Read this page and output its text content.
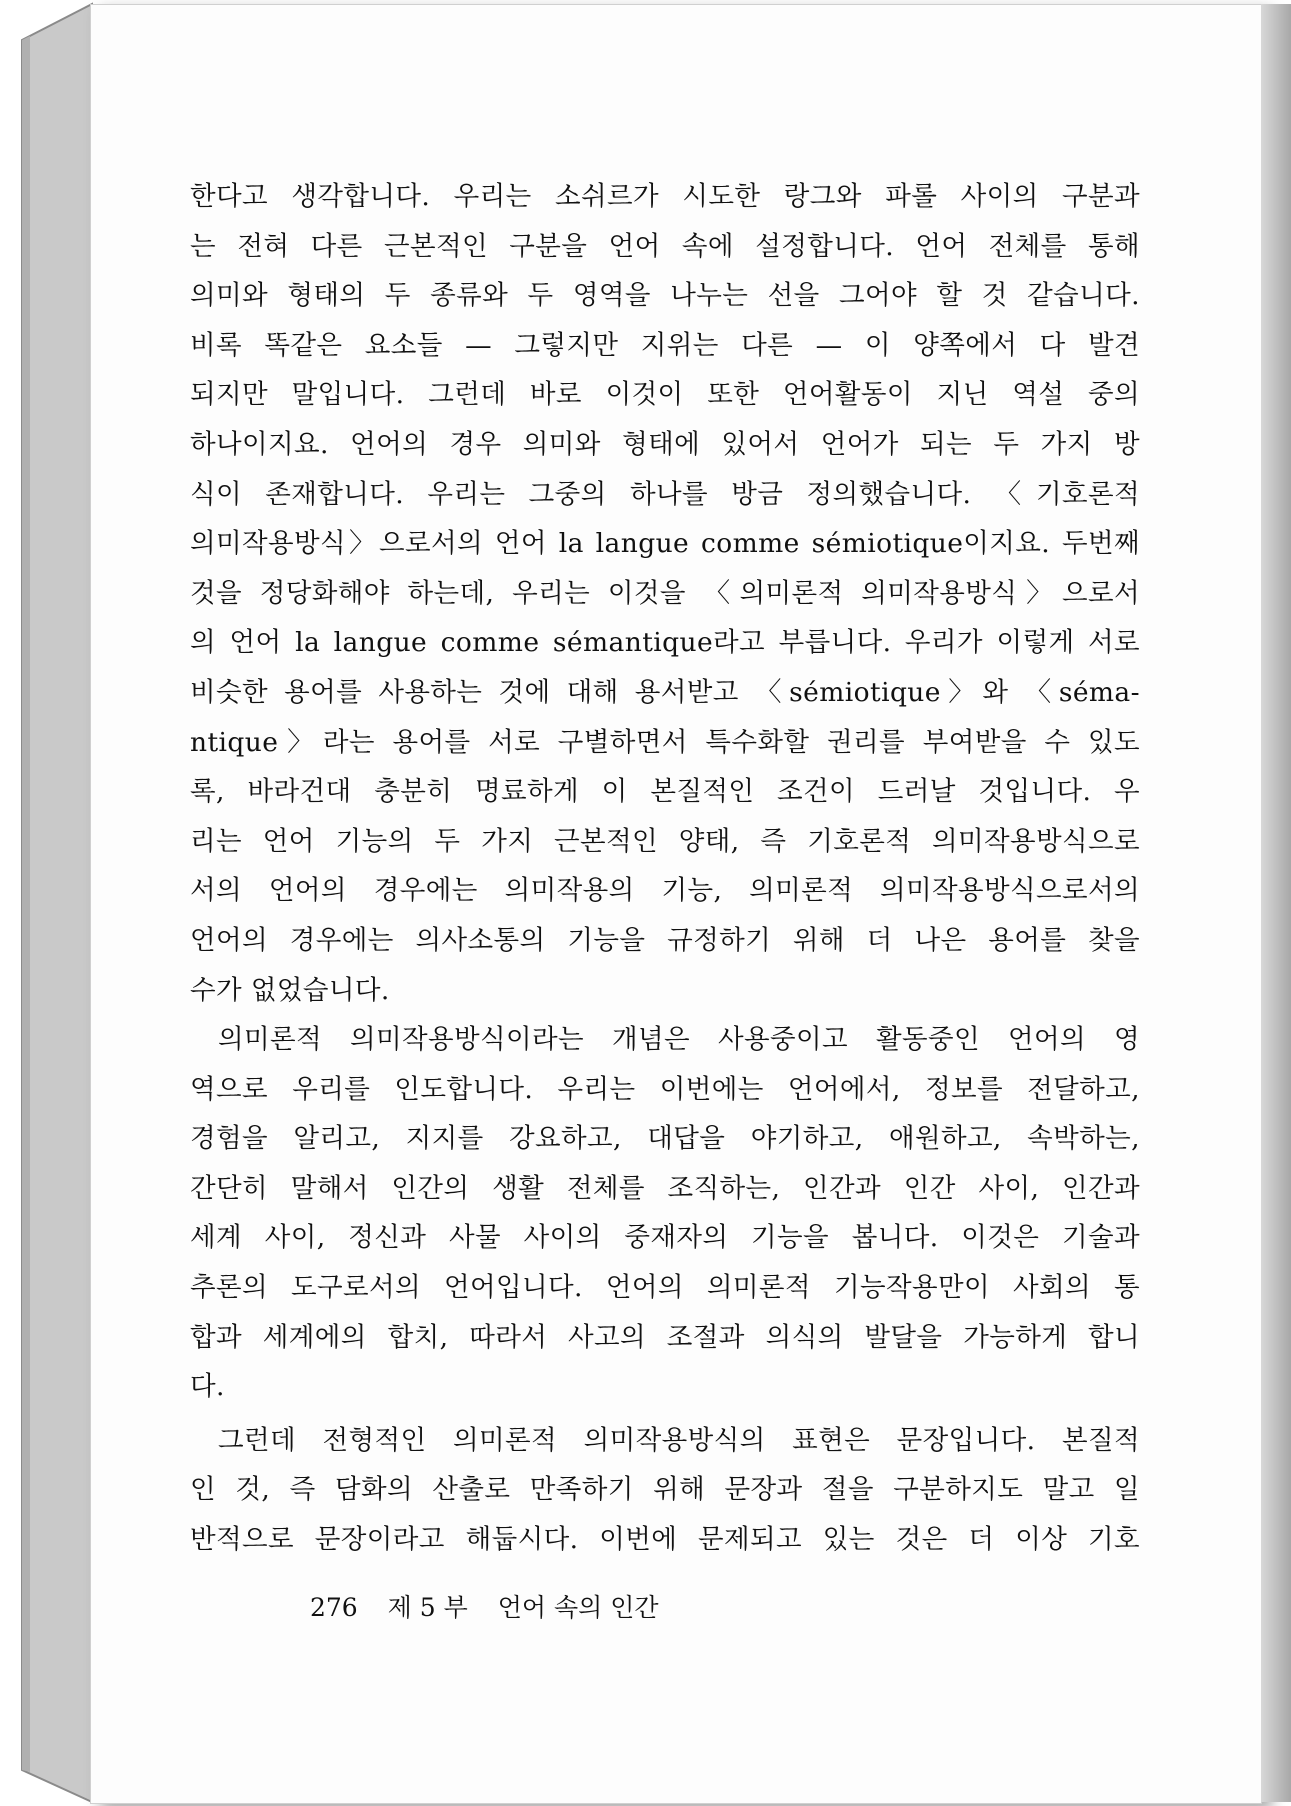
한다고 생각합니다. 우리는 소쉬르가 시도한 랑그와 파롤 사이의 구분과
는 전혀 다른 근본적인 구분을 언어 속에 설정합니다. 언어 전체를 통해
의미와 형태의 두 종류와 두 영역을 나누는 선을 그어야 할 것 같습니다.
비록 똑같은 요소들 — 그렇지만 지위는 다른 — 이 양쪽에서 다 발견
되지만 말입니다. 그런데 바로 이것이 또한 언어활동이 지닌 역설 중의
하나이지요. 언어의 경우 의미와 형태에 있어서 언어가 되는 두 가지 방
식이 존재합니다. 우리는 그중의 하나를 방금 정의했습니다. 〈기호론적
의미작용방식〉으로서의 언어 la langue comme sémiotique이지요. 두번째
것을 정당화해야 하는데, 우리는 이것을 〈의미론적 의미작용방식〉으로서
의 언어 la langue comme sémantique라고 부릅니다. 우리가 이렇게 서로
비슷한 용어를 사용하는 것에 대해 용서받고 〈sémiotique〉와 〈séma-
ntique〉라는 용어를 서로 구별하면서 특수화할 권리를 부여받을 수 있도
록, 바라건대 충분히 명료하게 이 본질적인 조건이 드러날 것입니다. 우
리는 언어 기능의 두 가지 근본적인 양태, 즉 기호론적 의미작용방식으로
서의 언어의 경우에는 의미작용의 기능, 의미론적 의미작용방식으로서의
언어의 경우에는 의사소통의 기능을 규정하기 위해 더 나은 용어를 찾을
수가 없었습니다.
의미론적 의미작용방식이라는 개념은 사용중이고 활동중인 언어의 영
역으로 우리를 인도합니다. 우리는 이번에는 언어에서, 정보를 전달하고,
경험을 알리고, 지지를 강요하고, 대답을 야기하고, 애원하고, 속박하는,
간단히 말해서 인간의 생활 전체를 조직하는, 인간과 인간 사이, 인간과
세계 사이, 정신과 사물 사이의 중재자의 기능을 봅니다. 이것은 기술과
추론의 도구로서의 언어입니다. 언어의 의미론적 기능작용만이 사회의 통
합과 세계에의 합치, 따라서 사고의 조절과 의식의 발달을 가능하게 합니
다.
그런데 전형적인 의미론적 의미작용방식의 표현은 문장입니다. 본질적
인 것, 즉 담화의 산출로 만족하기 위해 문장과 절을 구분하지도 말고 일
반적으로 문장이라고 해둡시다. 이번에 문제되고 있는 것은 더 이상 기호
276 제 5 부 언어 속의 인간
